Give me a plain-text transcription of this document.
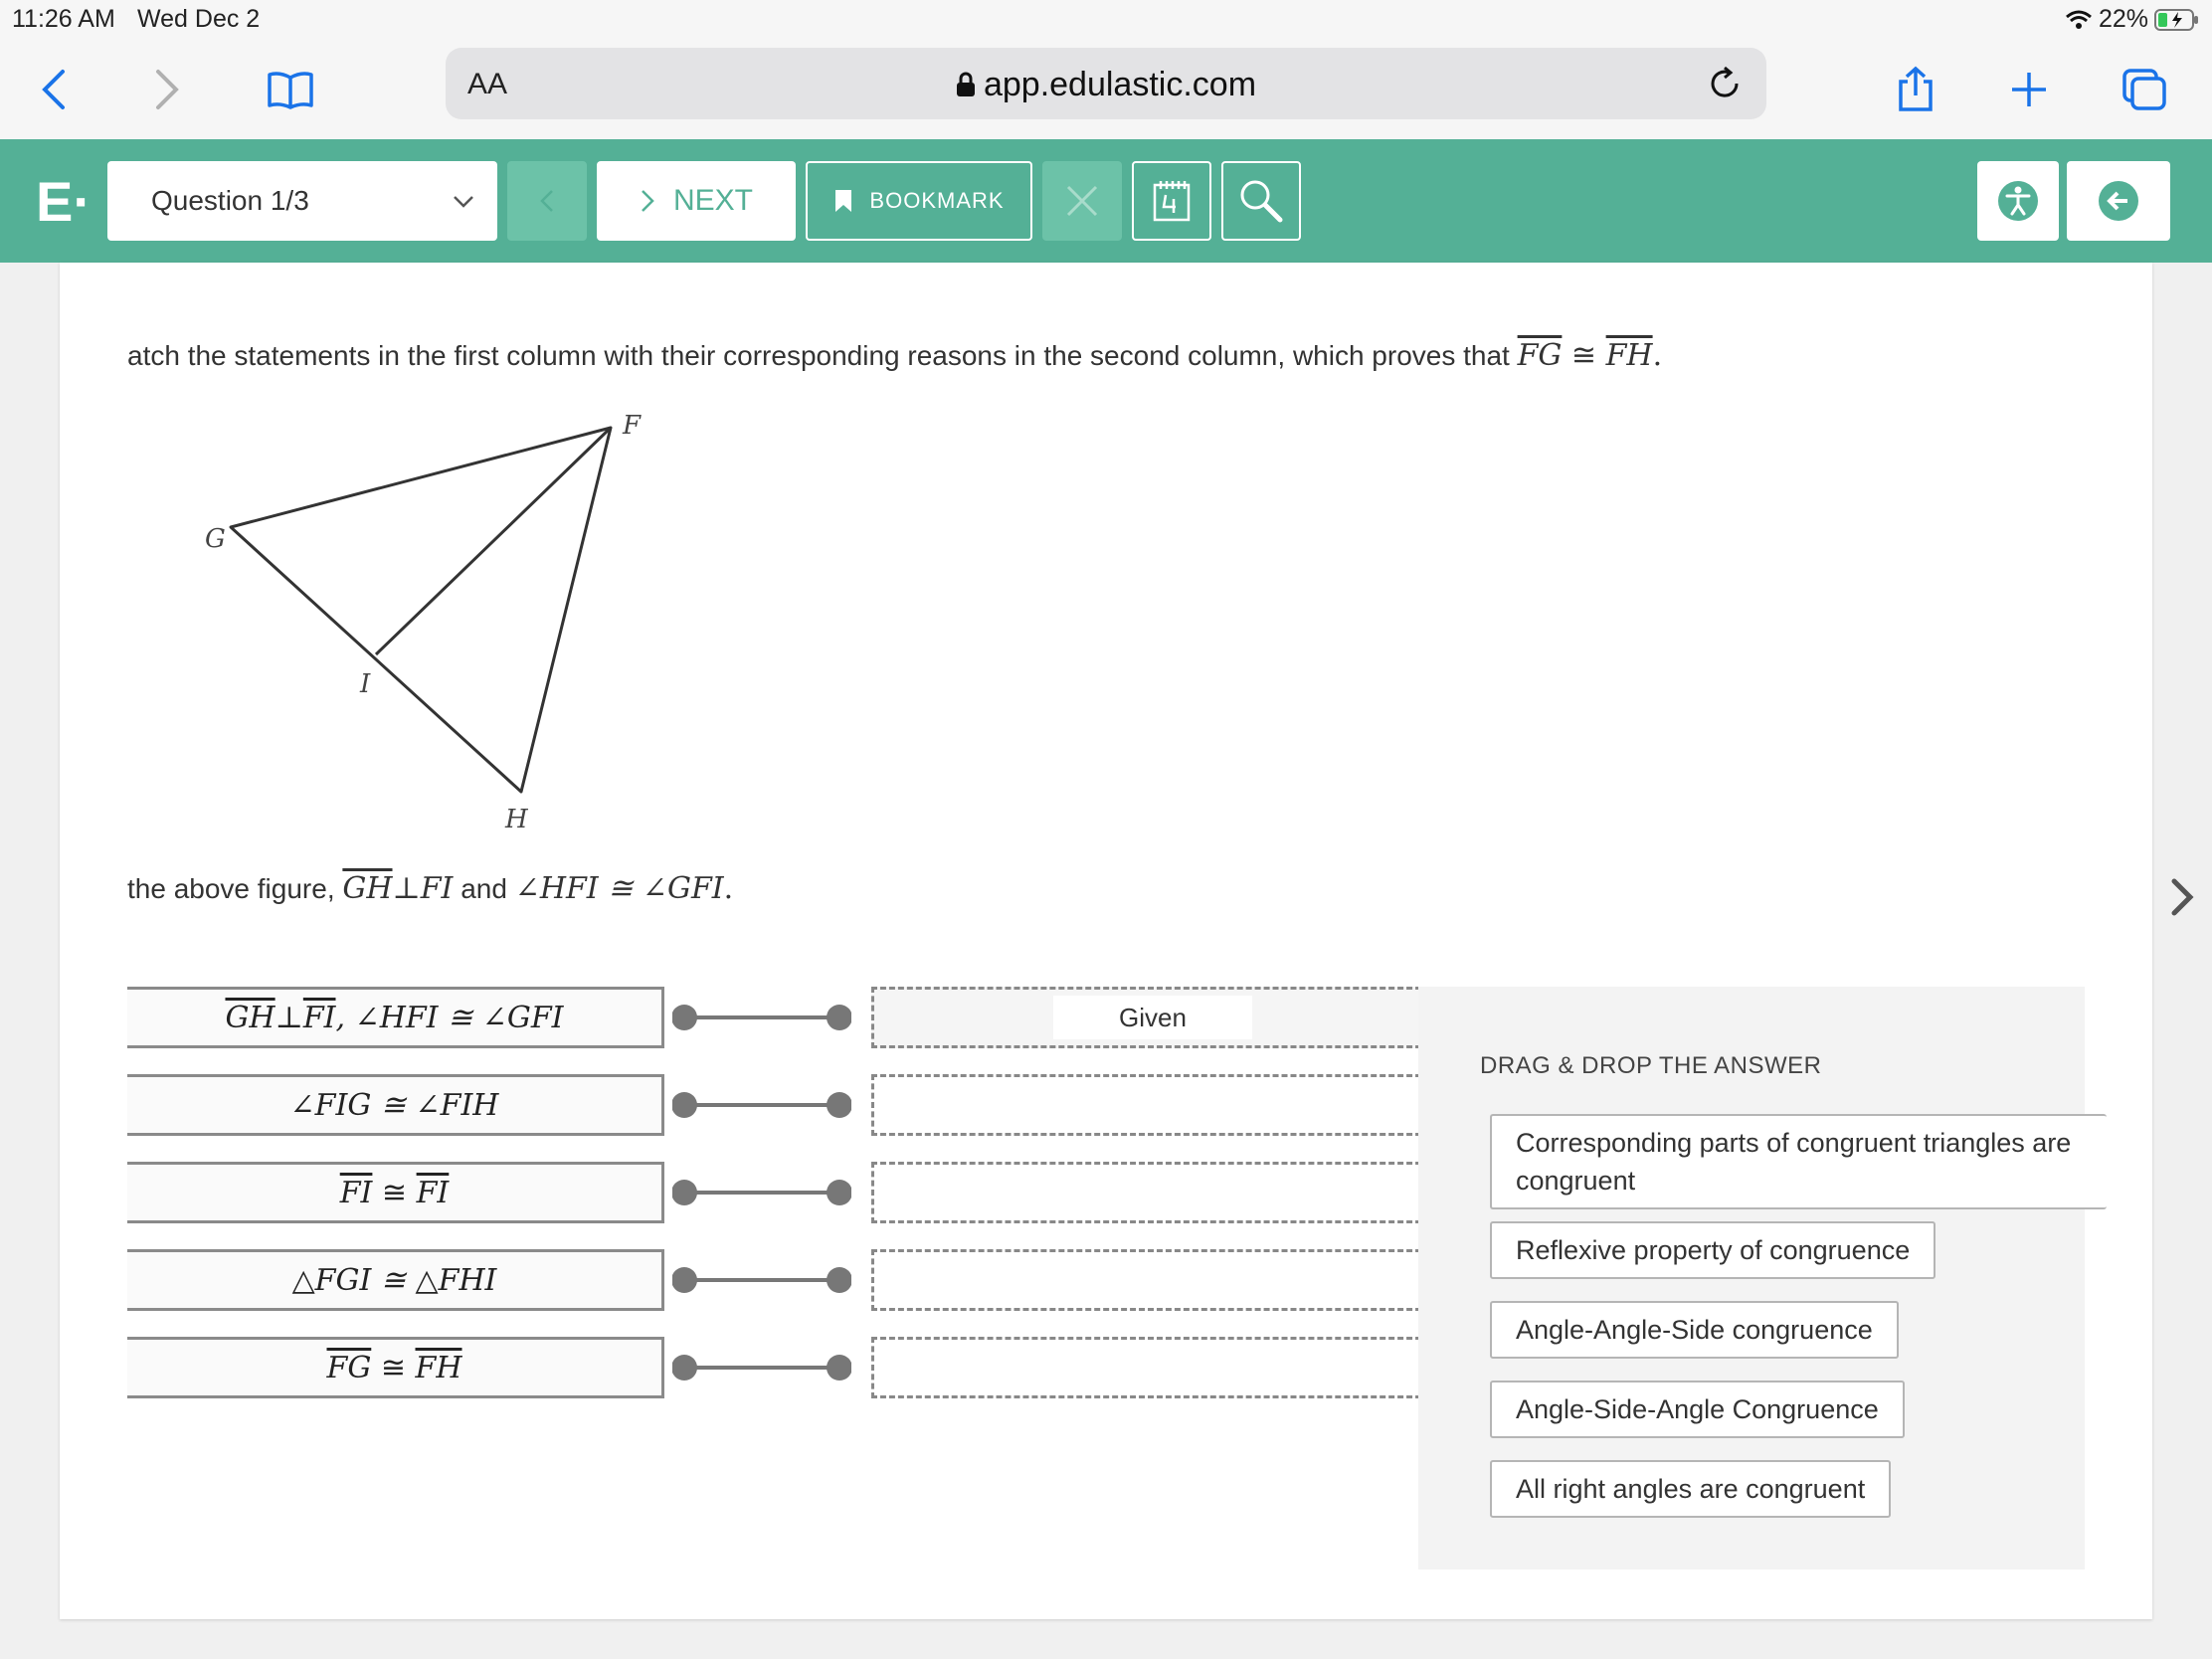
11:26 AM Wed Dec 2	22%
AA	app.edulastic.com
E· Question 1/3	NEXT	BOOKMARK
atch the statements in the first column with their corresponding reasons in the second column, which proves that $\overline{FG}$ ≅ $\overline{FH}$.
F
G
I
H
the above figure, $\overline{GH}\perp FI$ and ∠HFI ≅ ∠GFI.
$\overline{GH}\perp\overline{FI}$, ∠HFI ≅ ∠GFI	Given
∠FIG ≅ ∠FIH
$\overline{FI}$ ≅ $\overline{FI}$
△FGI ≅ △FHI
$\overline{FG}$ ≅ $\overline{FH}$
DRAG & DROP THE ANSWER
Corresponding parts of congruent triangles are congruent
Reflexive property of congruence
Angle-Angle-Side congruence
Angle-Side-Angle Congruence
All right angles are congruent
